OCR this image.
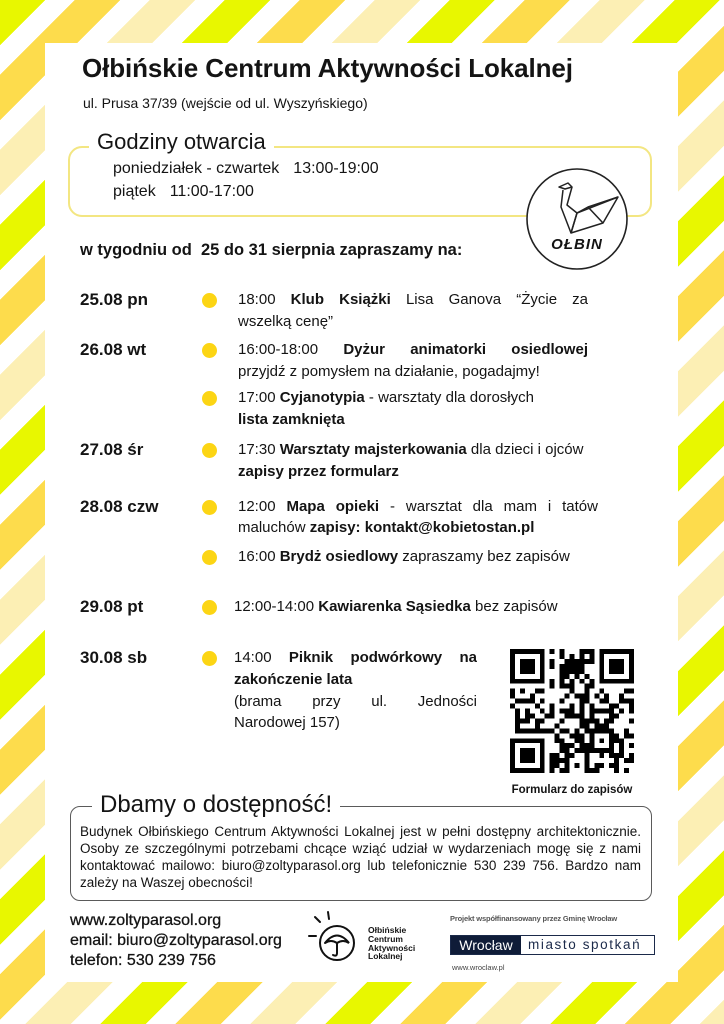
Ołbińskie Centrum Aktywności Lokalnej
ul. Prusa 37/39 (wejście od ul. Wyszyńskiego)
Godziny otwarcia
poniedziałek - czwartek 13:00-19:00
piątek 11:00-17:00
OŁBIN
w tygodniu od  25 do 31 sierpnia zapraszamy na:
25.08 pn	18:00 Klub Książki Lisa Ganova “Życie za
wszelką cenę”
26.08 wt	16:00-18:00 Dyżur animatorki osiedlowej
przyjdź z pomysłem na działanie, pogadajmy!
17:00 Cyjanotypia - warsztaty dla dorosłych
lista zamknięta
27.08 śr	17:30 Warsztaty majsterkowania dla dzieci i ojców
zapisy przez formularz
28.08 czw	12:00 Mapa opieki - warsztat dla mam i tatów
maluchów zapisy: kontakt@kobietostan.pl
16:00 Brydż osiedlowy zapraszamy bez zapisów
29.08 pt	12:00-14:00 Kawiarenka Sąsiedka bez zapisów
30.08 sb	14:00 Piknik podwórkowy na
zakończenie lata
(brama przy ul. Jedności
Narodowej 157)
Formularz do zapisów
Dbamy o dostępność!
Budynek Ołbińskiego Centrum Aktywności Lokalnej jest w pełni dostępny architektonicznie. Osoby ze szczególnymi potrzebami chcące wziąć udział w wydarzeniach mogę się z nami kontaktować mailowo: biuro@zoltyparasol.org lub telefonicznie 530 239 756. Bardzo nam zależy na Waszej obecności!
www.zoltyparasol.org
email: biuro@zoltyparasol.org
telefon: 530 239 756
Ołbińskie
Centrum
Aktywności
Lokalnej
Projekt współfinansowany przez Gminę Wrocław
Wrocław	miasto spotkań
www.wroclaw.pl
